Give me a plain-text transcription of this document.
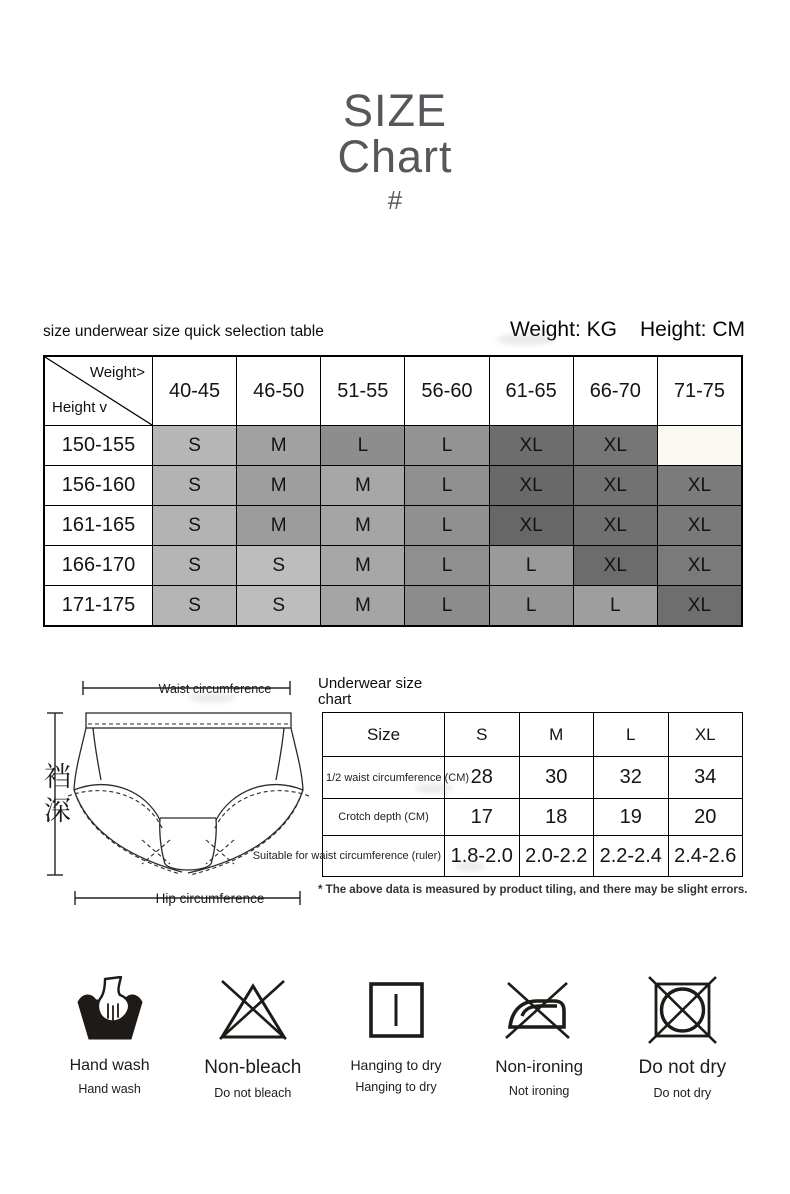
SIZE
Chart
#
size underwear size quick selection table	Weight: KG Height: CM
Weight>
Height v
40-45	46-50	51-55	56-60	61-65	66-70	71-75
150-155	S	M	L	L	XL	XL
156-160	S	M	M	L	XL	XL	XL
161-165	S	M	M	L	XL	XL	XL
166-170	S	S	M	L	L	XL	XL
171-175	S	S	M	L	L	L	XL
Waist circumference
Hip circumference
裆深
Underwear size
chart
Size	S	M	L	XL
1/2 waist circumference (CM) 28	30	32	34
Crotch depth (CM)	17	18	19	20
Suitable for waist circumference (ruler) 1.8-2.0 2.0-2.2 2.2-2.4 2.4-2.6
* The above data is measured by product tiling, and there may be slight errors.
Hand wash
Hand wash
Non-bleach
Do not bleach
Hanging to dry
Hanging to dry
Non-ironing
Not ironing
Do not dry
Do not dry
